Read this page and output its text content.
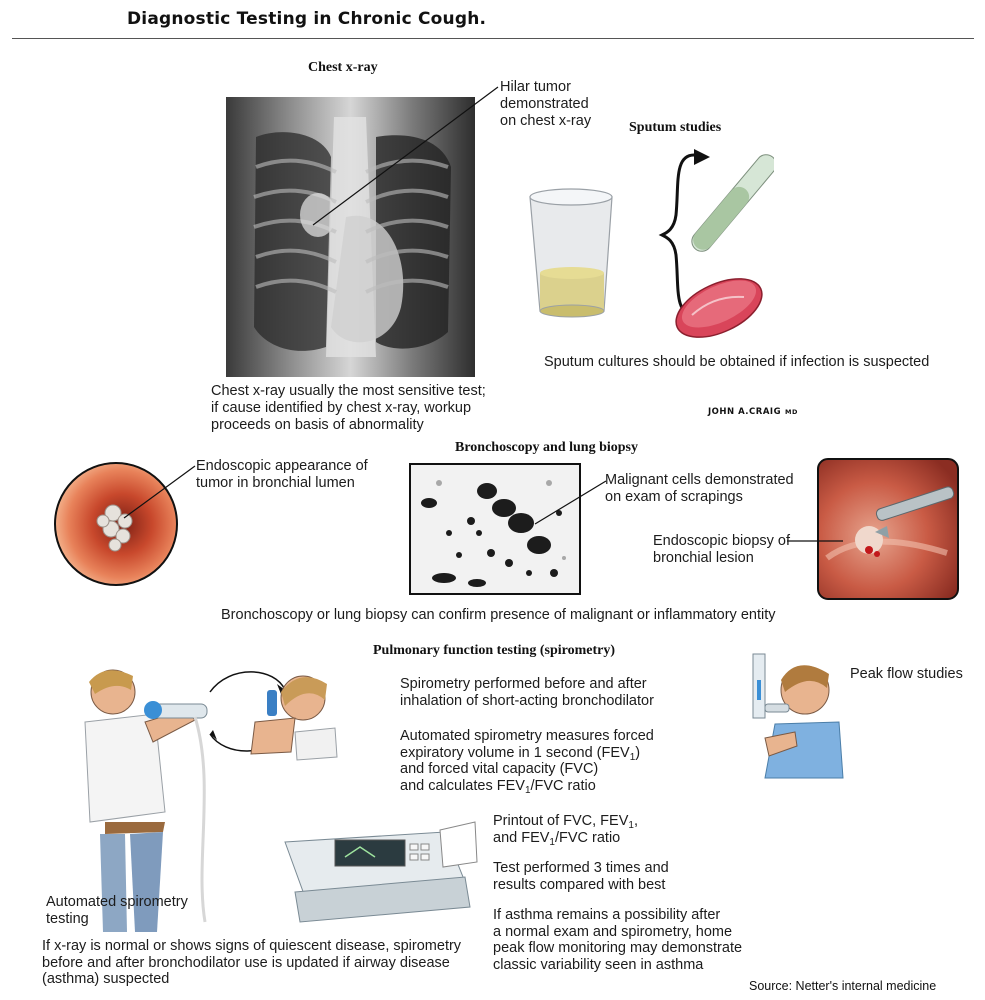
Diagnostic Testing in Chronic Cough.
Chest x-ray
Hilar tumor
demonstrated
on chest x-ray
Chest x-ray usually the most sensitive test;
if cause identified by chest x-ray, workup
proceeds on basis of abnormality
Sputum studies
Sputum cultures should be obtained if infection is suspected
JOHN A.CRAIG MD
Bronchoscopy and lung biopsy
Endoscopic appearance of
tumor in bronchial lumen	Malignant cells demonstrated
on exam of scrapings
Endoscopic biopsy of
bronchial lesion
Bronchoscopy or lung biopsy can confirm presence of malignant or inflammatory entity
Pulmonary function testing (spirometry)
Spirometry performed before and after
inhalation of short-acting bronchodilator
Automated spirometry measures forced
expiratory volume in 1 second $(FEV_1)$
and forced vital capacity (FVC)
and calculates $FEV_1$/FVC ratio
Peak flow studies
Printout of FVC, $FEV_1$,
and $FEV_1$/FVC ratio
Test performed 3 times and
results compared with best
If asthma remains a possibility after
a normal exam and spirometry, home
peak flow monitoring may demonstrate
classic variability seen in asthma
Automated spirometry
testing
If x-ray is normal or shows signs of quiescent disease, spirometry
before and after bronchodilator use is updated if airway disease
(asthma) suspected	Source: Netter's internal medicine
